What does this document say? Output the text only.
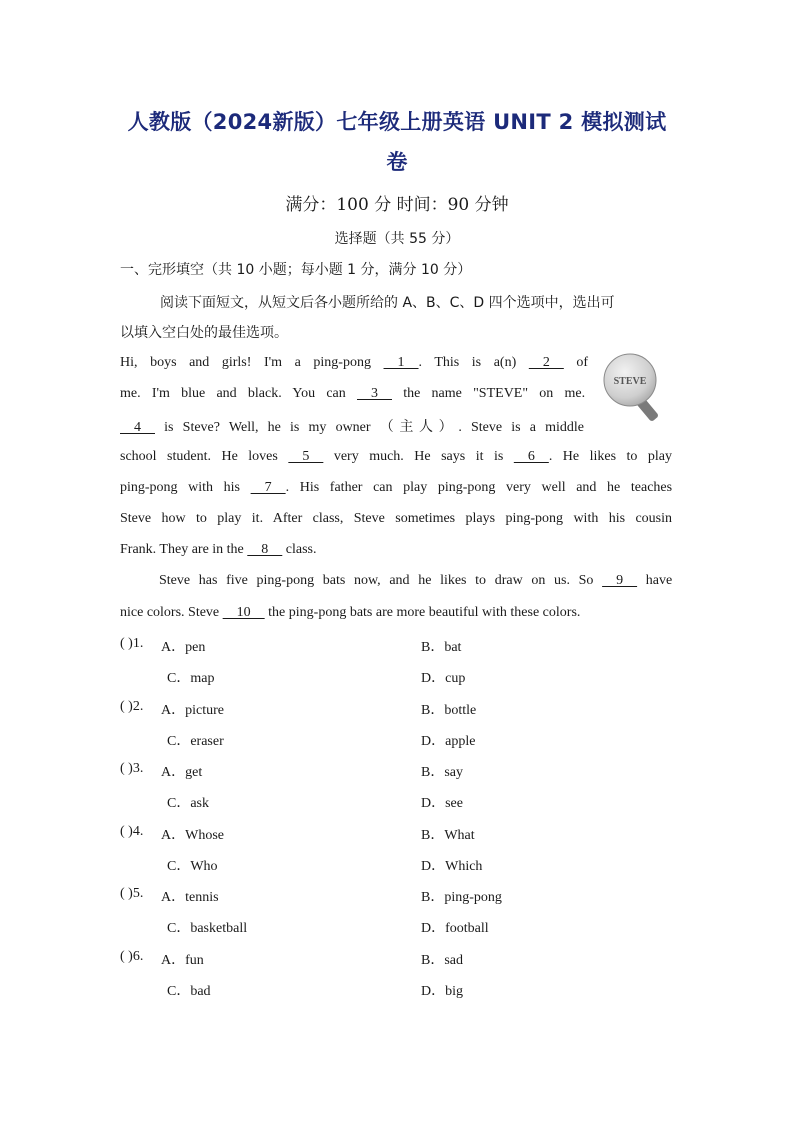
人教版（2024新版）七年级上册英语 UNIT 2 模拟测试
卷
满分：100 分 时间：90 分钟
选择题（共 55 分）
一、完形填空（共 10 小题；每小题 1 分，满分 10 分）
阅读下面短文，从短文后各小题所给的 A、B、C、D 四个选项中，选出可
以填入空白处的最佳选项。
STEVE
Hi, boys and girls! I'm a ping-pong     1    . This is a(n)     2     of
me. I'm blue and black. You can     3     the name "STEVE" on me.
4     is Steve? Well, he is my owner （主人）. Steve is a middle
school student. He loves     5     very much. He says it is     6    . He likes to play
ping-pong with his     7    . His father can play ping-pong very well and he teaches
Steve how to play it. After class, Steve sometimes plays ping-pong with his cousin
Frank. They are in the     8     class.
Steve has five ping-pong bats now, and he likes to draw on us. So     9     have
nice colors. Steve     10     the ping-pong bats are more beautiful with these colors.
( )1. A．pen	B．bat
C．map	D．cup
( )2. A．picture	B．bottle
C．eraser	D．apple
( )3. A．get	B．say
C．ask	D．see
( )4. A．Whose	B．What
C．Who	D．Which
( )5. A．tennis	B．ping-pong
C．basketball	D．football
( )6. A．fun	B．sad
C．bad	D．big
